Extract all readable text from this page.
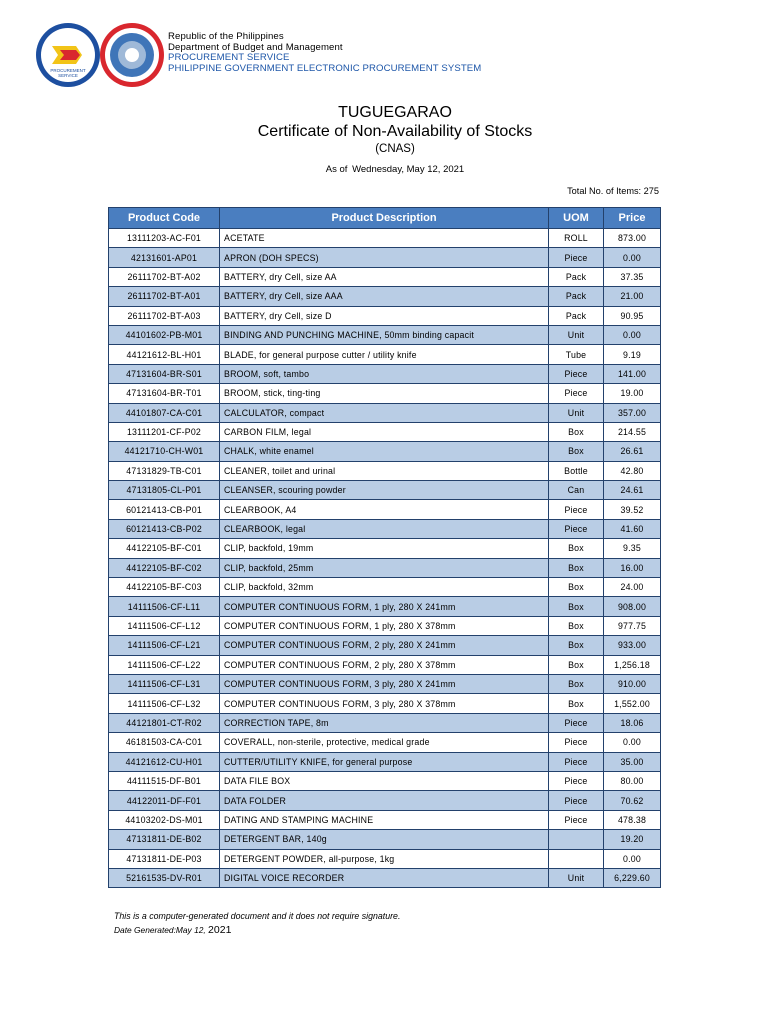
PROCUREMENT
SERVICE
Republic of the Philippines
Department of Budget and Management
PROCUREMENT SERVICE
PHILIPPINE GOVERNMENT ELECTRONIC PROCUREMENT SYSTEM
TUGUEGARAO
Certificate of Non-Availability of Stocks
(CNAS)
As of Wednesday, May 12, 2021
Total No. of Items: 275
Product Code	Product Description	UOM	Price
13111203-AC-F01	ACETATE	ROLL	873.00
42131601-AP01	APRON (DOH SPECS)	Piece	0.00
26111702-BT-A02	BATTERY, dry Cell, size AA	Pack	37.35
26111702-BT-A01	BATTERY, dry Cell, size AAA	Pack	21.00
26111702-BT-A03	BATTERY, dry Cell, size D	Pack	90.95
44101602-PB-M01	BINDING AND PUNCHING MACHINE, 50mm binding capacit	Unit	0.00
44121612-BL-H01	BLADE, for general purpose cutter / utility knife	Tube	9.19
47131604-BR-S01	BROOM, soft, tambo	Piece	141.00
47131604-BR-T01	BROOM, stick, ting-ting	Piece	19.00
44101807-CA-C01	CALCULATOR, compact	Unit	357.00
13111201-CF-P02	CARBON FILM, legal	Box	214.55
44121710-CH-W01	CHALK, white enamel	Box	26.61
47131829-TB-C01	CLEANER, toilet and urinal	Bottle	42.80
47131805-CL-P01	CLEANSER, scouring powder	Can	24.61
60121413-CB-P01	CLEARBOOK, A4	Piece	39.52
60121413-CB-P02	CLEARBOOK, legal	Piece	41.60
44122105-BF-C01	CLIP, backfold, 19mm	Box	9.35
44122105-BF-C02	CLIP, backfold, 25mm	Box	16.00
44122105-BF-C03	CLIP, backfold, 32mm	Box	24.00
14111506-CF-L11	COMPUTER CONTINUOUS FORM, 1 ply, 280 X 241mm	Box	908.00
14111506-CF-L12	COMPUTER CONTINUOUS FORM, 1 ply, 280 X 378mm	Box	977.75
14111506-CF-L21	COMPUTER CONTINUOUS FORM, 2 ply, 280 X 241mm	Box	933.00
14111506-CF-L22	COMPUTER CONTINUOUS FORM, 2 ply, 280 X 378mm	Box	1,256.18
14111506-CF-L31	COMPUTER CONTINUOUS FORM, 3 ply, 280 X 241mm	Box	910.00
14111506-CF-L32	COMPUTER CONTINUOUS FORM, 3 ply, 280 X 378mm	Box	1,552.00
44121801-CT-R02	CORRECTION TAPE, 8m	Piece	18.06
46181503-CA-C01	COVERALL, non-sterile, protective, medical grade	Piece	0.00
44121612-CU-H01	CUTTER/UTILITY KNIFE, for general purpose	Piece	35.00
44111515-DF-B01	DATA FILE BOX	Piece	80.00
44122011-DF-F01	DATA FOLDER	Piece	70.62
44103202-DS-M01	DATING AND STAMPING MACHINE	Piece	478.38
47131811-DE-B02	DETERGENT BAR, 140g		19.20
47131811-DE-P03	DETERGENT POWDER, all-purpose, 1kg		0.00
52161535-DV-R01	DIGITAL VOICE RECORDER	Unit	6,229.60
This is a computer-generated document and it does not require signature.
Date Generated:May 12, 2021
